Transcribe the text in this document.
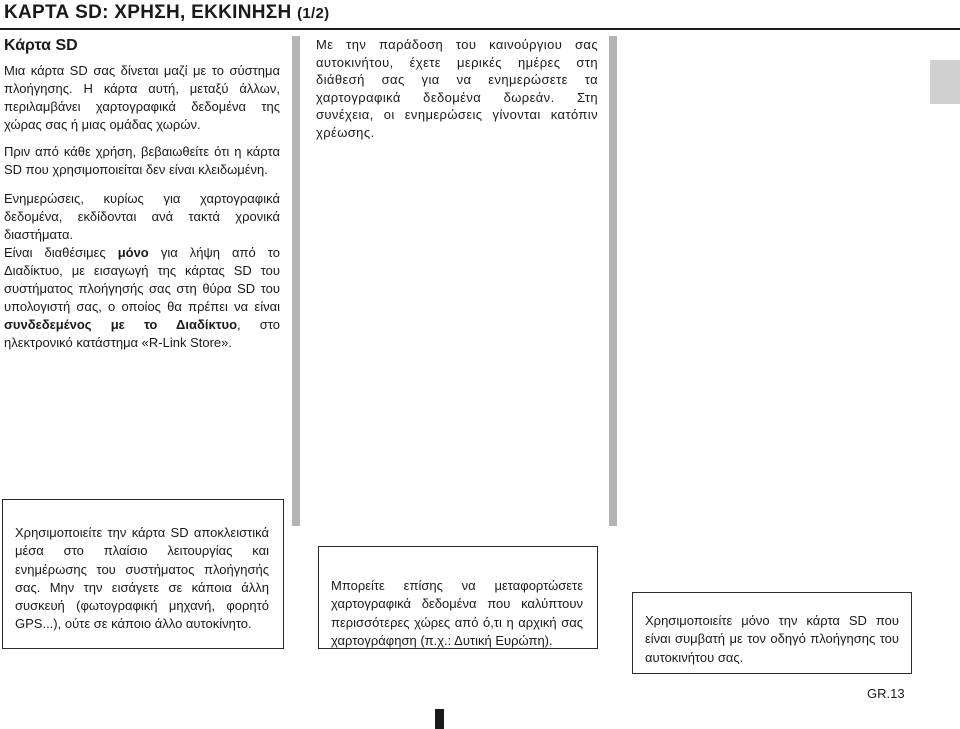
ΚΑΡΤΑ SD: ΧΡΗΣΗ, ΕΚΚΙΝΗΣΗ (1/2)
Κάρτα SD

Μια κάρτα SD σας δίνεται μαζί με το σύστημα πλοήγησης. Η κάρτα αυτή, μεταξύ άλλων, περιλαμβάνει χαρτογραφικά δεδομένα της χώρας σας ή μιας ομάδας χωρών.

Πριν από κάθε χρήση, βεβαιωθείτε ότι η κάρτα SD που χρησιμοποιείται δεν είναι κλειδωμένη.

Ενημερώσεις, κυρίως για χαρτογραφικά δεδομένα, εκδίδονται ανά τακτά χρονικά διαστήματα.

Είναι διαθέσιμες μόνο για λήψη από το Διαδίκτυο, με εισαγωγή της κάρτας SD του συστήματος πλοήγησής σας στη θύρα SD του υπολογιστή σας, ο οποίος θα πρέπει να είναι συνδεδεμένος με το Διαδίκτυο, στο ηλεκτρονικό κατάστημα «R-Link Store».

Με την παράδοση του καινούργιου σας αυτοκινήτου, έχετε μερικές ημέρες στη διάθεσή σας για να ενημερώσετε τα χαρτογραφικά δεδομένα δωρεάν. Στη συνέχεια, οι ενημερώσεις γίνονται κατόπιν χρέωσης.

Χρησιμοποιείτε την κάρτα SD αποκλειστικά μέσα στο πλαίσιο λειτουργίας και ενημέρωσης του συστήματος πλοήγησής σας. Μην την εισάγετε σε κάποια άλλη συσκευή (φωτογραφική μηχανή, φορητό GPS...), ούτε σε κάποιο άλλο αυτοκίνητο.
Μπορείτε επίσης να μεταφορτώσετε χαρτογραφικά δεδομένα που καλύπτουν περισσότερες χώρες από ό,τι η αρχική σας χαρτογράφηση (π.χ.: Δυτική Ευρώπη).
Χρησιμοποιείτε μόνο την κάρτα SD που είναι συμβατή με τον οδηγό πλοήγησης του αυτοκινήτου σας.
GR.13
